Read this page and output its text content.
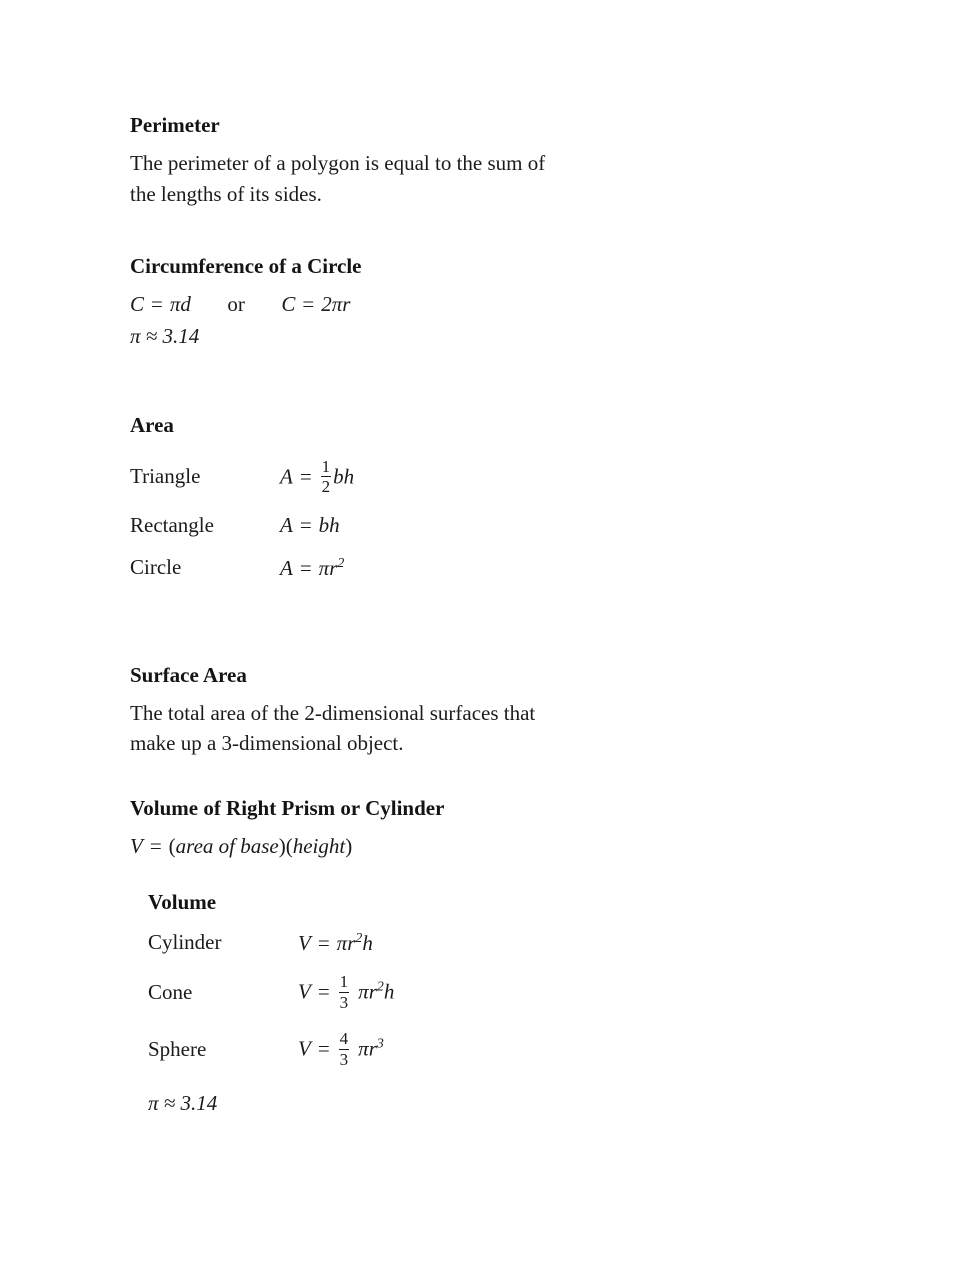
Perimeter

The perimeter of a polygon is equal to the sum of the lengths of its sides.

Circumference of a Circle
C = πd or C = 2πr
π ≈ 3.14
Area
Triangle	$A = \frac{1}{2}$ bh
Rectangle	A = bh
Circle	$A = \pi r^2$
Surface Area

The total area of the 2-dimensional surfaces that make up a 3-dimensional object.

Volume of Right Prism or Cylinder
V = (area of base)(height)
Volume
Cylinder	$V = \pi r^2h$
Cone	$V = \frac{1}{3} \pi r^2h$
Sphere	$V = \frac{4}{3} \pi r^3$
π ≈ 3.14
